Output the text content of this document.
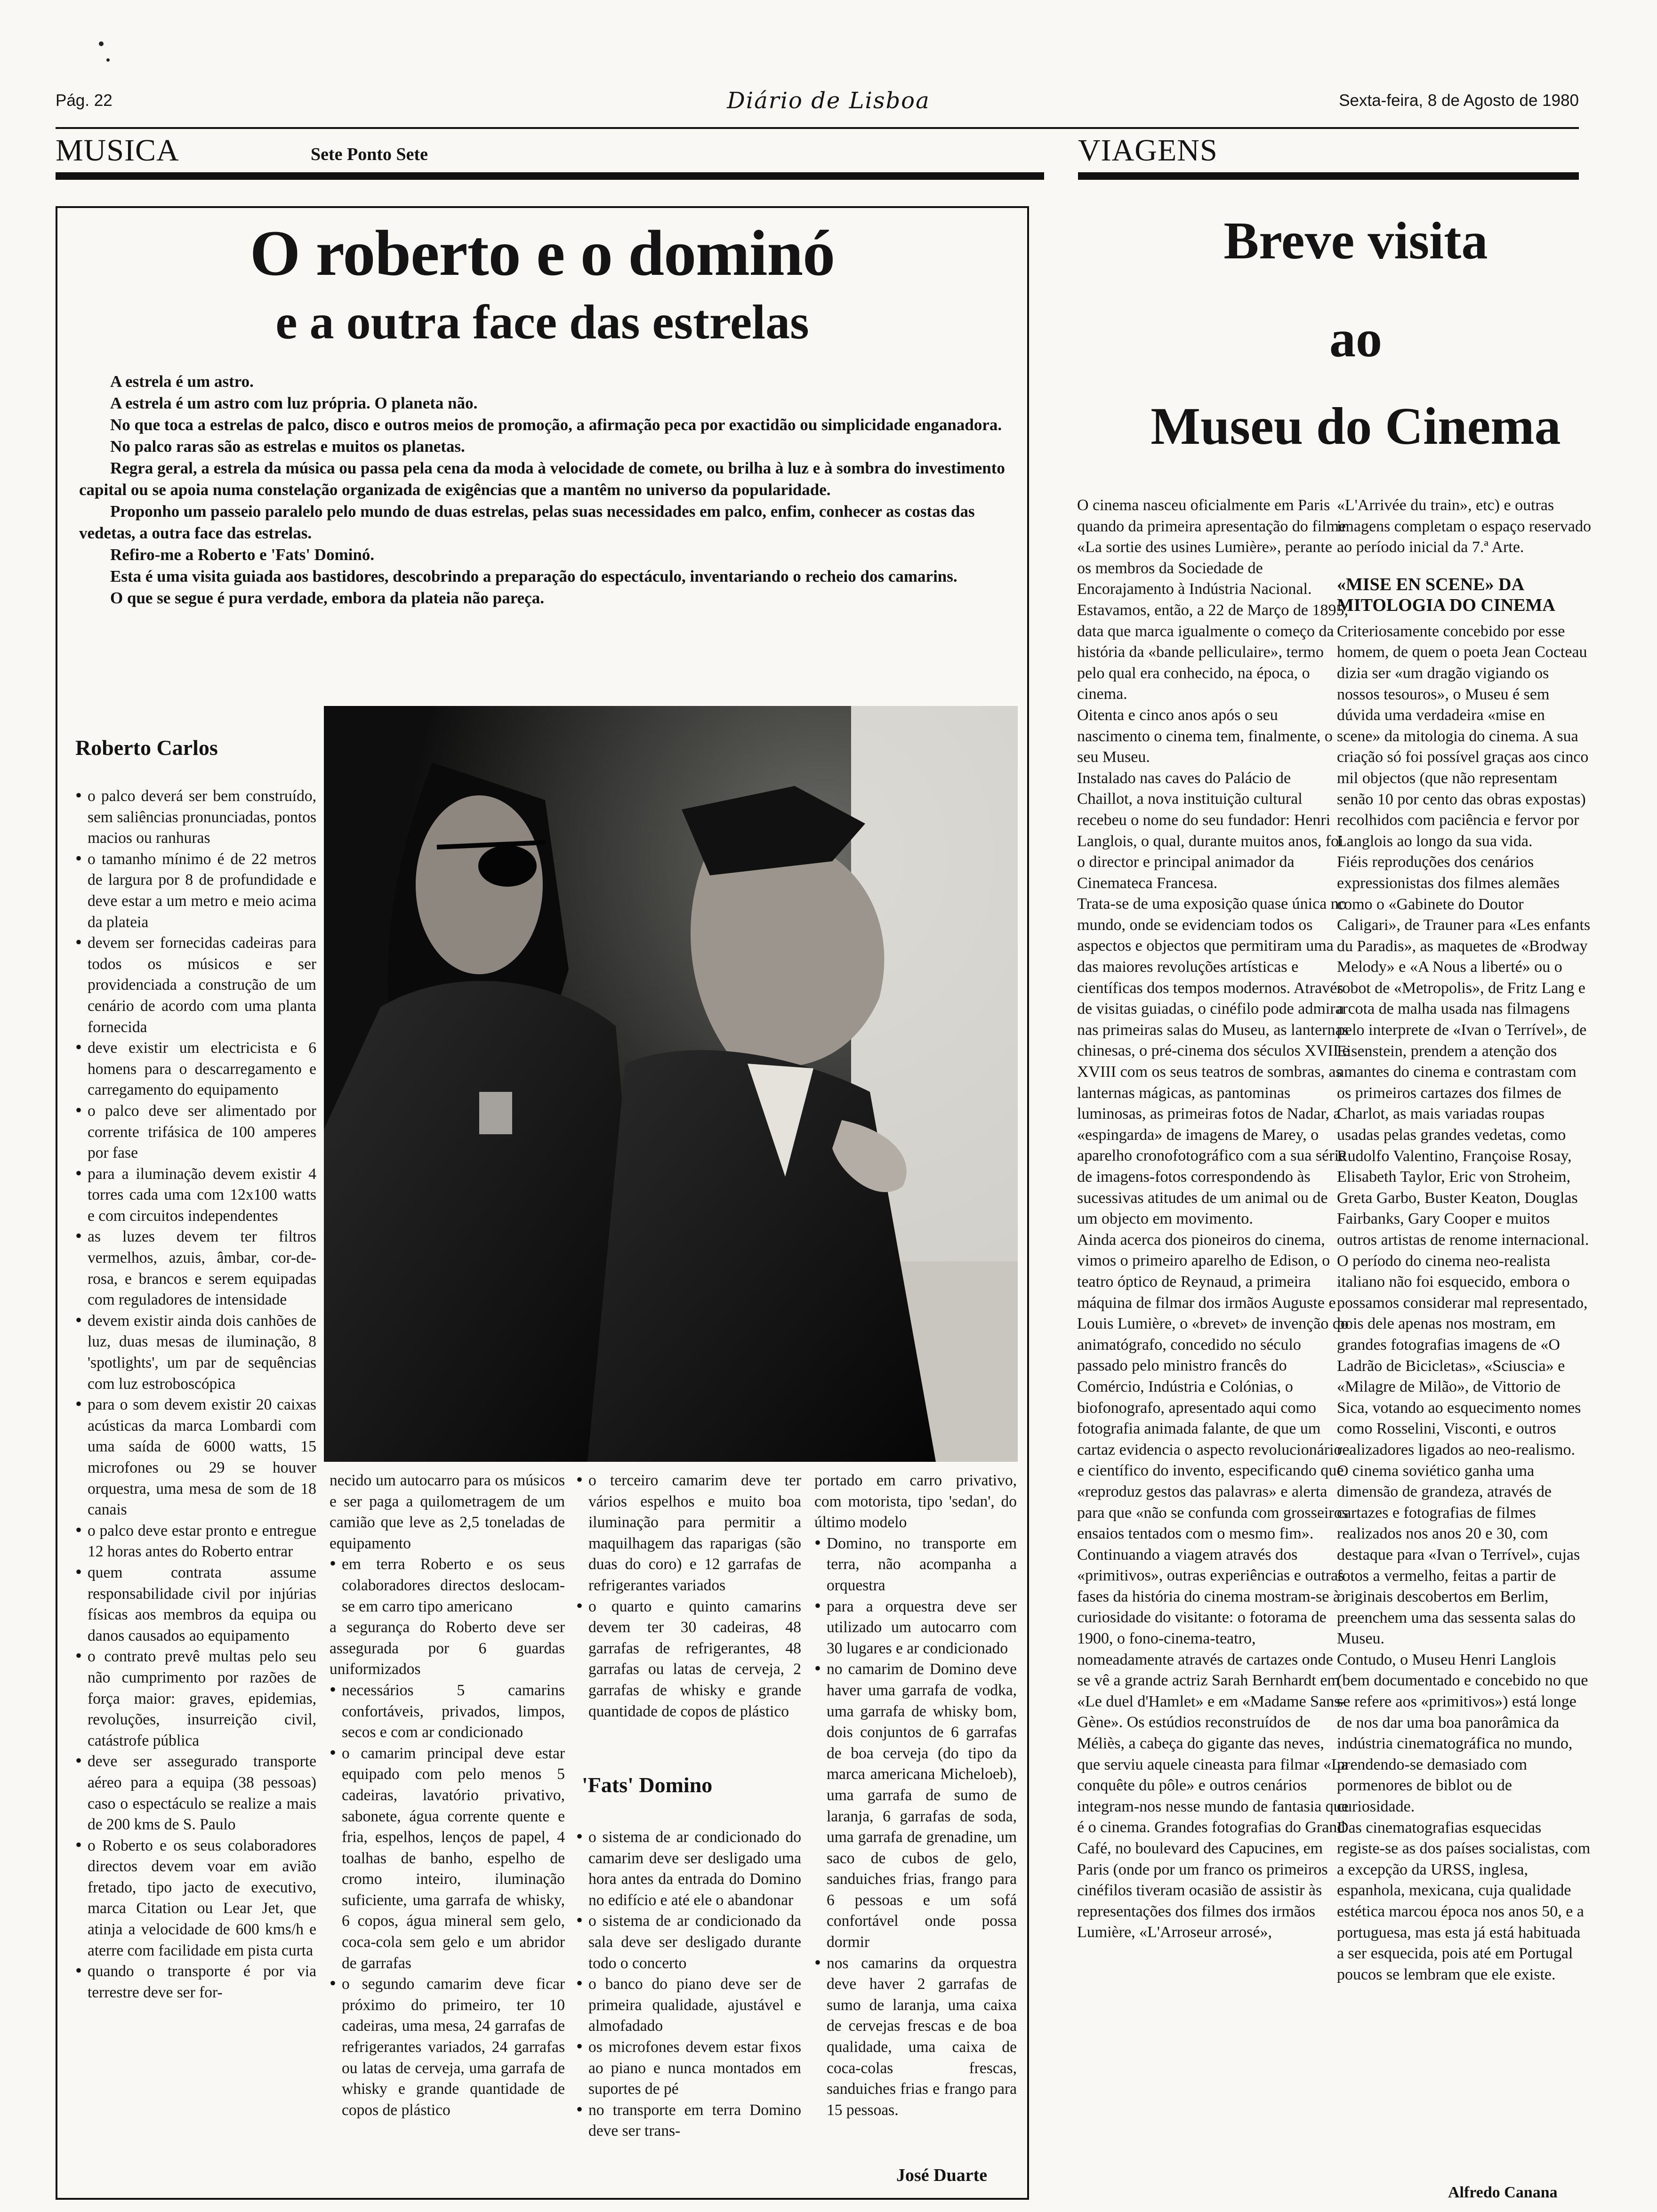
Pág. 22	Diário de Lisboa	Sexta-feira, 8 de Agosto de 1980
MUSICA	Sete Ponto Sete	VIAGENS
O roberto e o dominó
e a outra face das estrelas

A estrela é um astro.

A estrela é um astro com luz própria. O planeta não.

No que toca a estrelas de palco, disco e outros meios de promoção, a afirmação peca por exactidão ou simplicidade enganadora.

No palco raras são as estrelas e muitos os planetas.

Regra geral, a estrela da música ou passa pela cena da moda à velocidade de comete, ou brilha à luz e à sombra do investimento capital ou se apoia numa constelação organizada de exigências que a mantêm no universo da popularidade.

Proponho um passeio paralelo pelo mundo de duas estrelas, pelas suas necessidades em palco, enfim, conhecer as costas das vedetas, a outra face das estrelas.

Refiro-me a Roberto e 'Fats' Dominó.

Esta é uma visita guiada aos bastidores, descobrindo a preparação do espectáculo, inventariando o recheio dos camarins.

O que se segue é pura verdade, embora da plateia não pareça.

Roberto Carlos
• o palco deverá ser bem construído, sem saliências pronunciadas, pontos macios ou ranhuras
• o tamanho mínimo é de 22 metros de largura por 8 de profundidade e deve estar a um metro e meio acima da plateia
• devem ser fornecidas cadeiras para todos os músicos e ser providenciada a construção de um cenário de acordo com uma planta fornecida
• deve existir um electricista e 6 homens para o descarregamento e carregamento do equipamento
• o palco deve ser alimentado por corrente trifásica de 100 amperes por fase
• para a iluminação devem existir 4 torres cada uma com 12x100 watts e com circuitos independentes
• as luzes devem ter filtros vermelhos, azuis, âmbar, cor-de-rosa, e brancos e serem equipadas com reguladores de intensidade
• devem existir ainda dois canhões de luz, duas mesas de iluminação, 8 'spotlights', um par de sequências com luz estroboscópica
• para o som devem existir 20 caixas acústicas da marca Lombardi com uma saída de 6000 watts, 15 microfones ou 29 se houver orquestra, uma mesa de som de 18 canais
• o palco deve estar pronto e entregue 12 horas antes do Roberto entrar
• quem contrata assume responsabilidade civil por injúrias físicas aos membros da equipa ou danos causados ao equipamento
• o contrato prevê multas pelo seu não cumprimento por razões de força maior: graves, epidemias, revoluções, insurreição civil, catástrofe pública
• deve ser assegurado transporte aéreo para a equipa (38 pessoas) caso o espectáculo se realize a mais de 200 kms de S. Paulo
• o Roberto e os seus colaboradores directos devem voar em avião fretado, tipo jacto de executivo, marca Citation ou Lear Jet, que atinja a velocidade de 600 kms/h e aterre com facilidade em pista curta
• quando o transporte é por via terrestre deve ser for-

necido um autocarro para os músicos e ser paga a quilometragem de um camião que leve as 2,5 toneladas de equipamento

• em terra Roberto e os seus colaboradores directos deslocam-se em carro tipo americano

a segurança do Roberto deve ser assegurada por 6 guardas uniformizados

• necessários 5 camarins confortáveis, privados, limpos, secos e com ar condicionado
• o camarim principal deve estar equipado com pelo menos 5 cadeiras, lavatório privativo, sabonete, água corrente quente e fria, espelhos, lenços de papel, 4 toalhas de banho, espelho de cromo inteiro, iluminação suficiente, uma garrafa de whisky, 6 copos, água mineral sem gelo, coca-cola sem gelo e um abridor de garrafas
• o segundo camarim deve ficar próximo do primeiro, ter 10 cadeiras, uma mesa, 24 garrafas de refrigerantes variados, 24 garrafas ou latas de cerveja, uma garrafa de whisky e grande quantidade de copos de plástico
• o terceiro camarim deve ter vários espelhos e muito boa iluminação para permitir a maquilhagem das raparigas (são duas do coro) e 12 garrafas de refrigerantes variados
• o quarto e quinto camarins devem ter 30 cadeiras, 48 garrafas de refrigerantes, 48 garrafas ou latas de cerveja, 2 garrafas de whisky e grande quantidade de copos de plástico
'Fats' Domino
• o sistema de ar condicionado do camarim deve ser desligado uma hora antes da entrada do Domino no edifício e até ele o abandonar
• o sistema de ar condicionado da sala deve ser desligado durante todo o concerto
• o banco do piano deve ser de primeira qualidade, ajustável e almofadado
• os microfones devem estar fixos ao piano e nunca montados em suportes de pé
• no transporte em terra Domino deve ser trans-

portado em carro privativo, com motorista, tipo 'sedan', do último modelo

• Domino, no transporte em terra, não acompanha a orquestra
• para a orquestra deve ser utilizado um autocarro com 30 lugares e ar condicionado
• no camarim de Domino deve haver uma garrafa de vodka, uma garrafa de whisky bom, dois conjuntos de 6 garrafas de boa cerveja (do tipo da marca americana Micheloeb), uma garrafa de sumo de laranja, 6 garrafas de soda, uma garrafa de grenadine, um saco de cubos de gelo, sanduiches frias, frango para 6 pessoas e um sofá confortável onde possa dormir
• nos camarins da orquestra deve haver 2 garrafas de sumo de laranja, uma caixa de cervejas frescas e de boa qualidade, uma caixa de coca-colas frescas, sanduiches frias e frango para 15 pessoas.
José Duarte
Breve visita
ao
Museu do Cinema

O cinema nasceu oficialmente em Paris quando da primeira apresentação do filme «La sortie des usines Lumière», perante os membros da Sociedade de Encorajamento à Indústria Nacional. Estavamos, então, a 22 de Março de 1895, data que marca igualmente o começo da história da «bande pelliculaire», termo pelo qual era conhecido, na época, o cinema.

Oitenta e cinco anos após o seu nascimento o cinema tem, finalmente, o seu Museu.

Instalado nas caves do Palácio de Chaillot, a nova instituição cultural recebeu o nome do seu fundador: Henri Langlois, o qual, durante muitos anos, foi o director e principal animador da Cinemateca Francesa.

Trata-se de uma exposição quase única no mundo, onde se evidenciam todos os aspectos e objectos que permitiram uma das maiores revoluções artísticas e científicas dos tempos modernos. Através de visitas guiadas, o cinéfilo pode admirar nas primeiras salas do Museu, as lanternas chinesas, o pré-cinema dos séculos XVII e XVIII com os seus teatros de sombras, as lanternas mágicas, as pantominas luminosas, as primeiras fotos de Nadar, a «espingarda» de imagens de Marey, o aparelho cronofotográfico com a sua série de imagens-fotos correspondendo às sucessivas atitudes de um animal ou de um objecto em movimento.

Ainda acerca dos pioneiros do cinema, vimos o primeiro aparelho de Edison, o teatro óptico de Reynaud, a primeira máquina de filmar dos irmãos Auguste e Louis Lumière, o «brevet» de invenção do animatógrafo, concedido no século passado pelo ministro francês do Comércio, Indústria e Colónias, o biofonografo, apresentado aqui como fotografia animada falante, de que um cartaz evidencia o aspecto revolucionário e científico do invento, especificando que «reproduz gestos das palavras» e alerta para que «não se confunda com grosseiros ensaios tentados com o mesmo fim».

Continuando a viagem através dos «primitivos», outras experiências e outras fases da história do cinema mostram-se à curiosidade do visitante: o fotorama de 1900, o fono-cinema-teatro, nomeadamente através de cartazes onde se vê a grande actriz Sarah Bernhardt em «Le duel d'Hamlet» e em «Madame Sans-Gène». Os estúdios reconstruídos de Méliès, a cabeça do gigante das neves, que serviu aquele cineasta para filmar «La conquête du pôle» e outros cenários integram-nos nesse mundo de fantasia que é o cinema. Grandes fotografias do Grand Café, no boulevard des Capucines, em Paris (onde por um franco os primeiros cinéfilos tiveram ocasião de assistir às representações dos filmes dos irmãos Lumière, «L'Arroseur arrosé»,

«L'Arrivée du train», etc) e outras imagens completam o espaço reservado ao período inicial da 7.ª Arte.

«MISE EN SCENE» DA MITOLOGIA DO CINEMA

Criteriosamente concebido por esse homem, de quem o poeta Jean Cocteau dizia ser «um dragão vigiando os nossos tesouros», o Museu é sem dúvida uma verdadeira «mise en scene» da mitologia do cinema. A sua criação só foi possível graças aos cinco mil objectos (que não representam senão 10 por cento das obras expostas) recolhidos com paciência e fervor por Langlois ao longo da sua vida.

Fiéis reproduções dos cenários expressionistas dos filmes alemães como o «Gabinete do Doutor Caligari», de Trauner para «Les enfants du Paradis», as maquetes de «Brodway Melody» e «A Nous a liberté» ou o robot de «Metropolis», de Fritz Lang e a cota de malha usada nas filmagens pelo interprete de «Ivan o Terrível», de Eisenstein, prendem a atenção dos amantes do cinema e contrastam com os primeiros cartazes dos filmes de Charlot, as mais variadas roupas usadas pelas grandes vedetas, como Rudolfo Valentino, Françoise Rosay, Elisabeth Taylor, Eric von Stroheim, Greta Garbo, Buster Keaton, Douglas Fairbanks, Gary Cooper e muitos outros artistas de renome internacional.

O período do cinema neo-realista italiano não foi esquecido, embora o possamos considerar mal representado, pois dele apenas nos mostram, em grandes fotografias imagens de «O Ladrão de Bicicletas», «Sciuscia» e «Milagre de Milão», de Vittorio de Sica, votando ao esquecimento nomes como Rosselini, Visconti, e outros realizadores ligados ao neo-realismo.

O cinema soviético ganha uma dimensão de grandeza, através de cartazes e fotografias de filmes realizados nos anos 20 e 30, com destaque para «Ivan o Terrível», cujas fotos a vermelho, feitas a partir de originais descobertos em Berlim, preenchem uma das sessenta salas do Museu.

Contudo, o Museu Henri Langlois (bem documentado e concebido no que se refere aos «primitivos») está longe de nos dar uma boa panorâmica da indústria cinematográfica no mundo, prendendo-se demasiado com pormenores de biblot ou de curiosidade.

Das cinematografias esquecidas registe-se as dos países socialistas, com a excepção da URSS, inglesa, espanhola, mexicana, cuja qualidade estética marcou época nos anos 50, e a portuguesa, mas esta já está habituada a ser esquecida, pois até em Portugal poucos se lembram que ele existe.

Alfredo Canana
